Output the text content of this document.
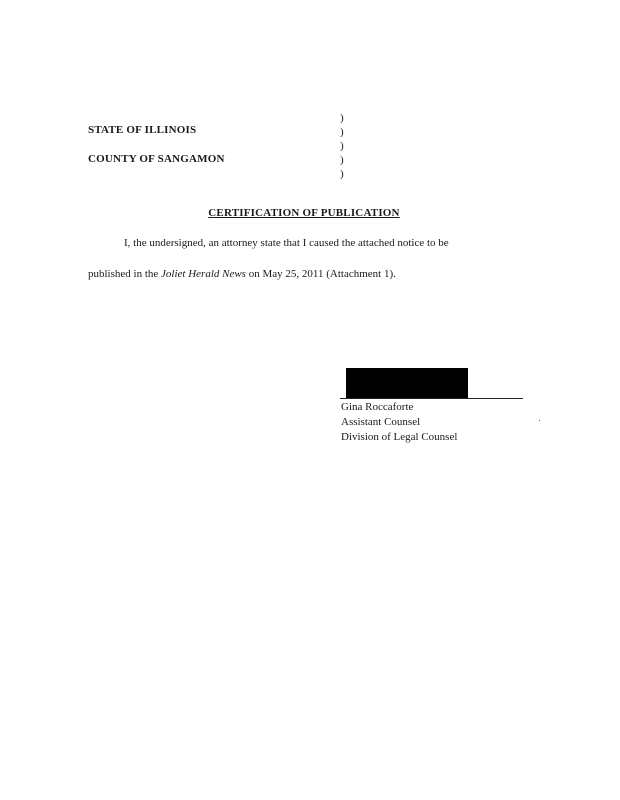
STATE OF ILLINOIS
COUNTY OF SANGAMON
)
)
)
)
)
CERTIFICATION OF PUBLICATION
I, the undersigned, an attorney state that I caused the attached notice to be
published in the Joliet Herald News on May 25, 2011 (Attachment 1).
Gina Roccaforte
Assistant Counsel
Division of Legal Counsel
